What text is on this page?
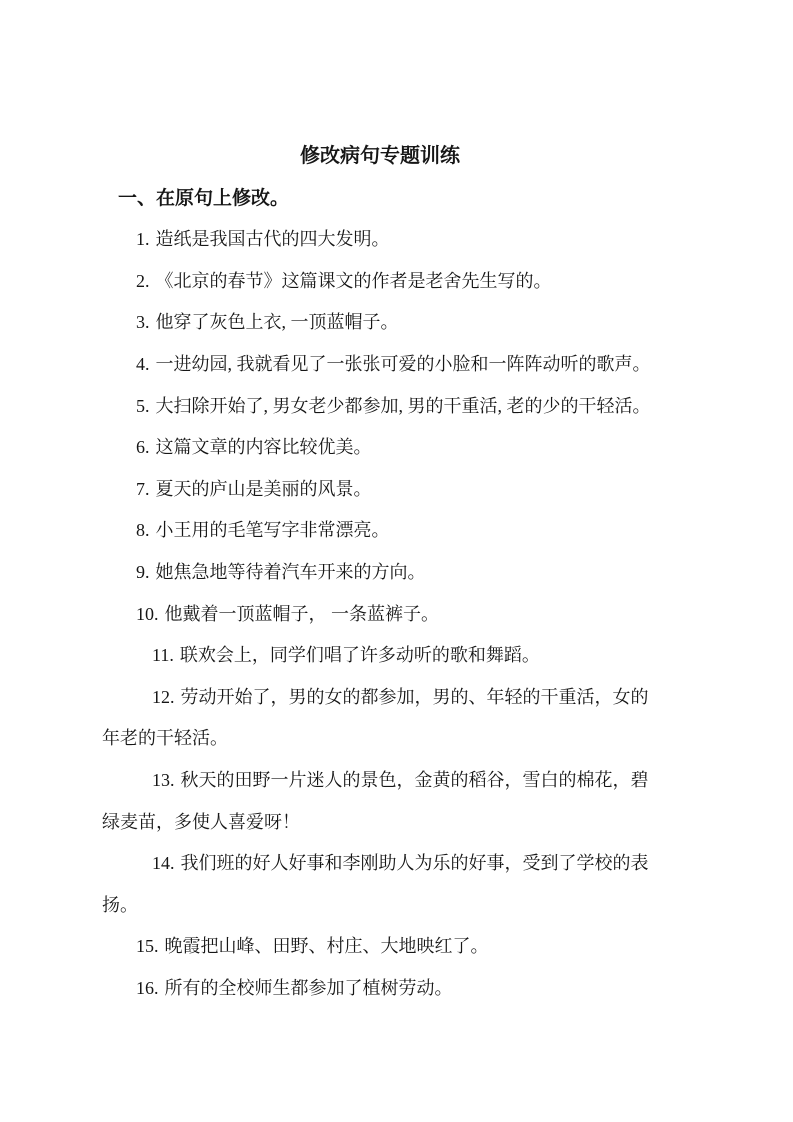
修改病句专题训练

一、在原句上修改。

1. 造纸是我国古代的四大发明。

2. 《北京的春节》这篇课文的作者是老舍先生写的。

3. 他穿了灰色上衣, 一顶蓝帽子。

4. 一进幼园, 我就看见了一张张可爱的小脸和一阵阵动听的歌声。

5. 大扫除开始了, 男女老少都参加, 男的干重活, 老的少的干轻活。

6. 这篇文章的内容比较优美。

7. 夏天的庐山是美丽的风景。

8. 小王用的毛笔写字非常漂亮。

9. 她焦急地等待着汽车开来的方向。

10. 他戴着一顶蓝帽子， 一条蓝裤子。

11. 联欢会上，同学们唱了许多动听的歌和舞蹈。

12. 劳动开始了，男的女的都参加，男的、年轻的干重活，女的

年老的干轻活。

13. 秋天的田野一片迷人的景色，金黄的稻谷，雪白的棉花，碧

绿麦苗，多使人喜爱呀！

14. 我们班的好人好事和李刚助人为乐的好事，受到了学校的表

扬。

15. 晚霞把山峰、田野、村庄、大地映红了。

16. 所有的全校师生都参加了植树劳动。
